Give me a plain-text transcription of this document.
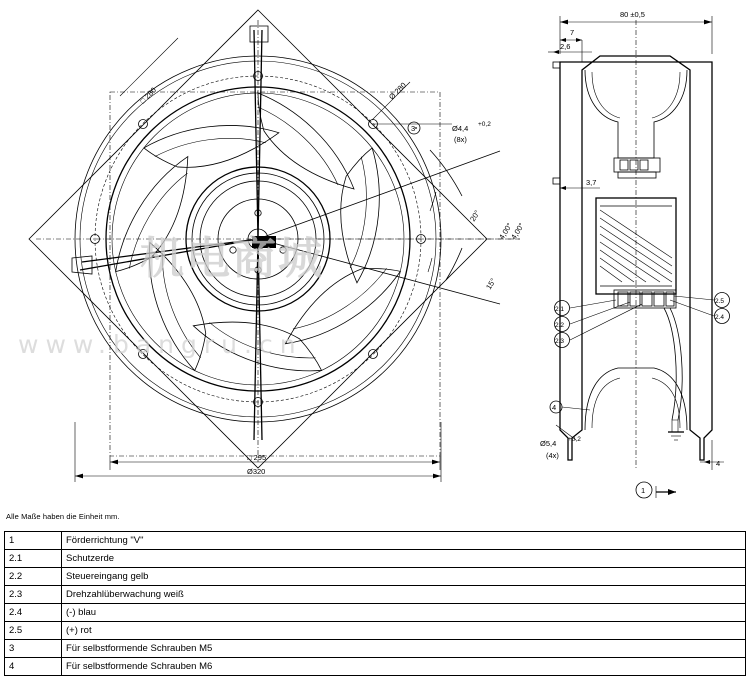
□ 280	Ø 280
Ø4,4 +0,2
(8x)
3
20°
15°
4,00°
4,00°
□ 295
Ø320
80 ±0,5
7
2,6
3,7
4
4
Ø5,4 +0,2
(4x)
2.1
2.2
2.3
2.5
2.4
1
机电商城
www.bangru.cn
Alle Maße haben die Einheit mm.
1	Förderrichtung "V"
2.1	Schutzerde
2.2	Steuereingang gelb
2.3	Drehzahlüberwachung weiß
2.4	(-) blau
2.5	(+) rot
3	Für selbstformende Schrauben M5
4	Für selbstformende Schrauben M6
